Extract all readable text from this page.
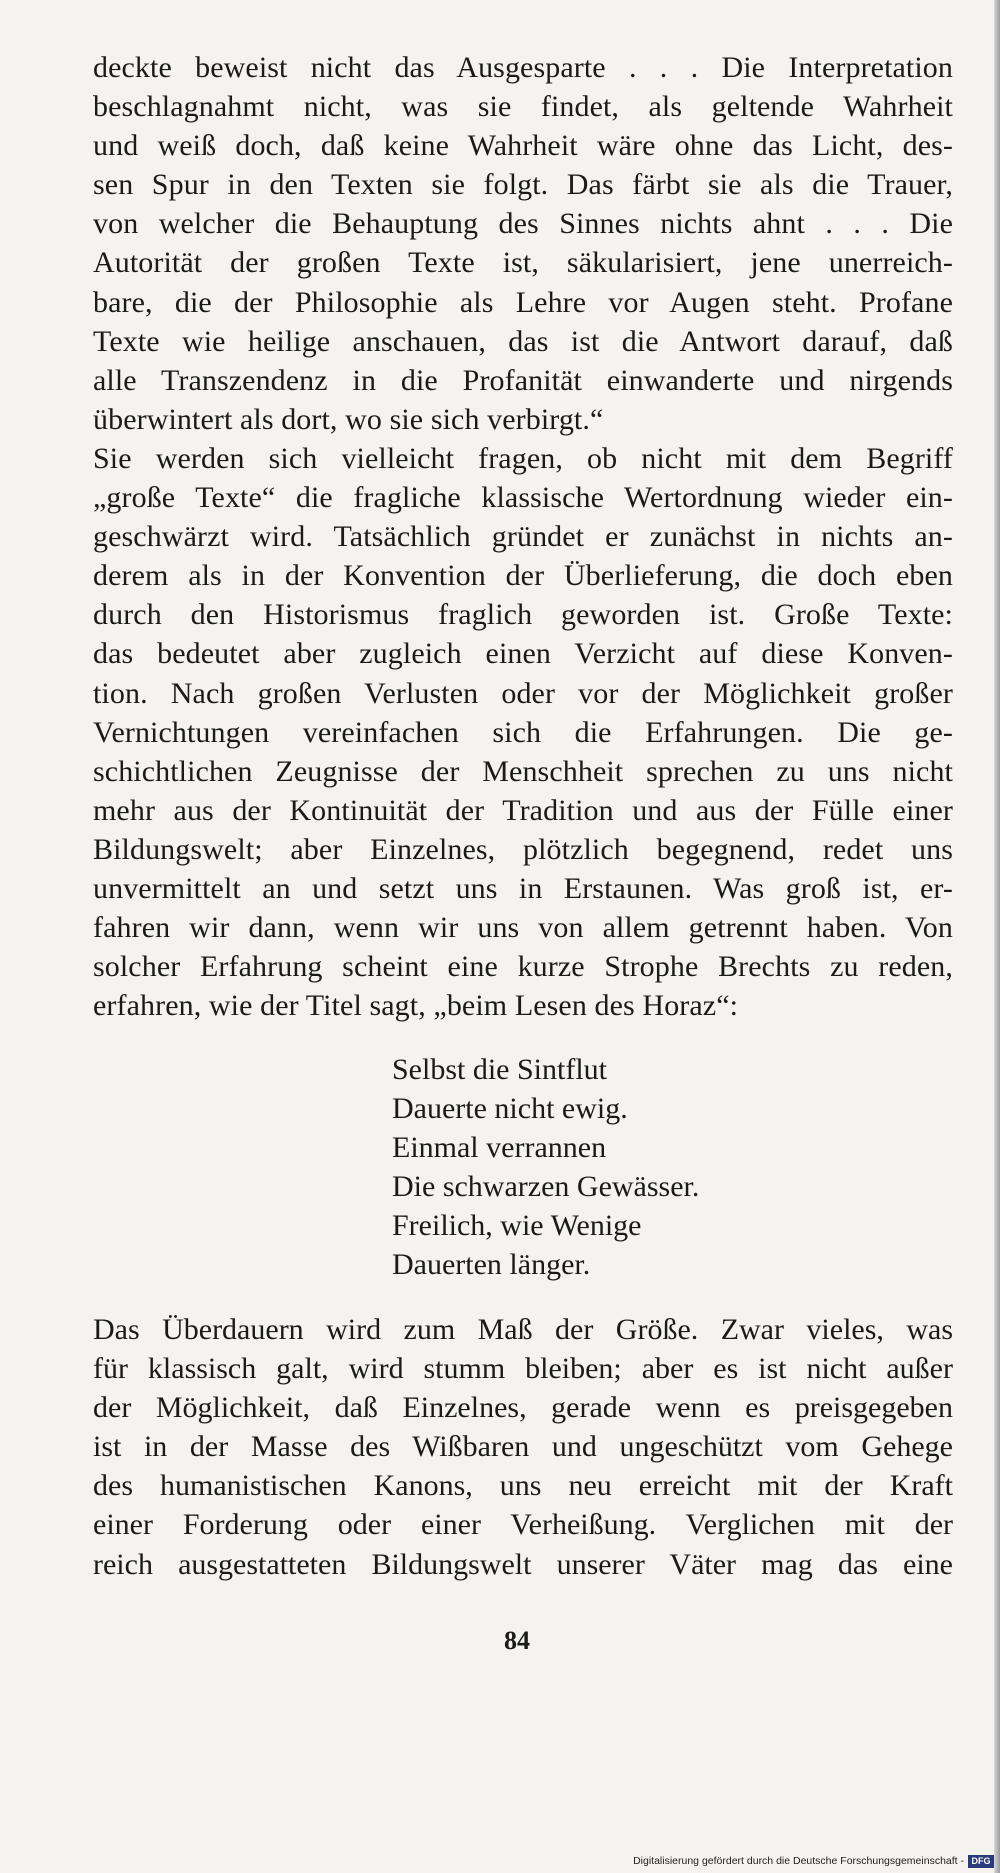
deckte beweist nicht das Ausgesparte . . . Die Interpretation
beschlagnahmt nicht, was sie findet, als geltende Wahrheit
und weiß doch, daß keine Wahrheit wäre ohne das Licht, des-
sen Spur in den Texten sie folgt. Das färbt sie als die Trauer,
von welcher die Behauptung des Sinnes nichts ahnt . . . Die
Autorität der großen Texte ist, säkularisiert, jene unerreich-
bare, die der Philosophie als Lehre vor Augen steht. Profane
Texte wie heilige anschauen, das ist die Antwort darauf, daß
alle Transzendenz in die Profanität einwanderte und nirgends
überwintert als dort, wo sie sich verbirgt.“
Sie werden sich vielleicht fragen, ob nicht mit dem Begriff
„große Texte“ die fragliche klassische Wertordnung wieder ein-
geschwärzt wird. Tatsächlich gründet er zunächst in nichts an-
derem als in der Konvention der Überlieferung, die doch eben
durch den Historismus fraglich geworden ist. Große Texte:
das bedeutet aber zugleich einen Verzicht auf diese Konven-
tion. Nach großen Verlusten oder vor der Möglichkeit großer
Vernichtungen vereinfachen sich die Erfahrungen. Die ge-
schichtlichen Zeugnisse der Menschheit sprechen zu uns nicht
mehr aus der Kontinuität der Tradition und aus der Fülle einer
Bildungswelt; aber Einzelnes, plötzlich begegnend, redet uns
unvermittelt an und setzt uns in Erstaunen. Was groß ist, er-
fahren wir dann, wenn wir uns von allem getrennt haben. Von
solcher Erfahrung scheint eine kurze Strophe Brechts zu reden,
erfahren, wie der Titel sagt, „beim Lesen des Horaz“:
Selbst die Sintflut
Dauerte nicht ewig.
Einmal verrannen
Die schwarzen Gewässer.
Freilich, wie Wenige
Dauerten länger.
Das Überdauern wird zum Maß der Größe. Zwar vieles, was
für klassisch galt, wird stumm bleiben; aber es ist nicht außer
der Möglichkeit, daß Einzelnes, gerade wenn es preisgegeben
ist in der Masse des Wißbaren und ungeschützt vom Gehege
des humanistischen Kanons, uns neu erreicht mit der Kraft
einer Forderung oder einer Verheißung. Verglichen mit der
reich ausgestatteten Bildungswelt unserer Väter mag das eine
84
Digitalisierung gefördert durch die Deutsche Forschungsgemeinschaft - DFG
